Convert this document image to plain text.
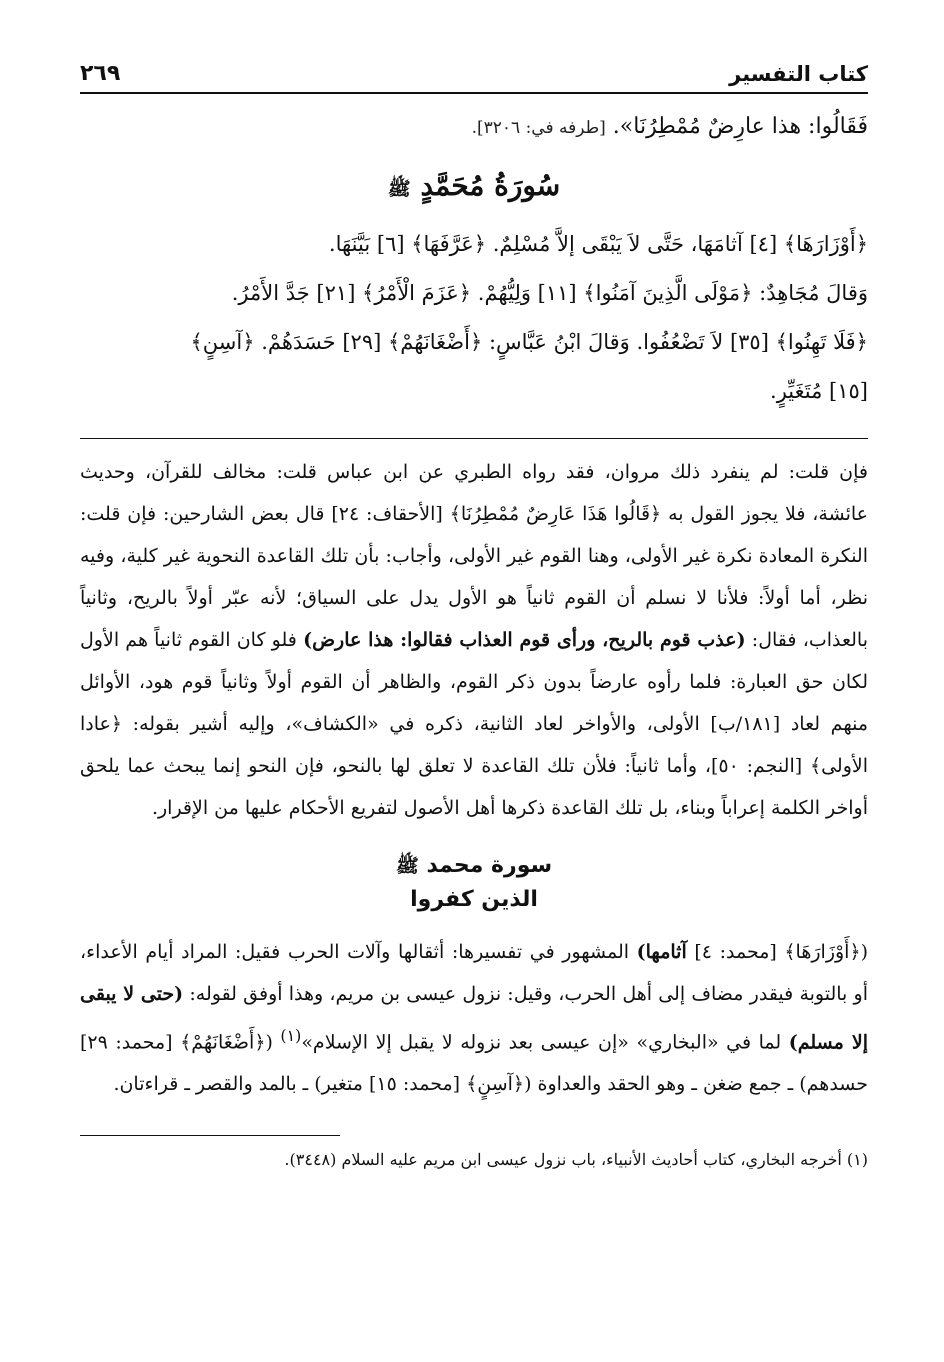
كتاب التفسير
٢٦٩
فَقَالُوا: هذا عارِضٌ مُمْطِرُنَا». [طرفه في: ٣٢٠٦].
سُورَةُ مُحَمَّدٍ ﷺ
﴿أَوْزَارَهَا﴾ [٤] آثامَهَا، حَتَّى لاَ يَبْقَى إلاَّ مُسْلِمٌ. ﴿عَرَّفَهَا﴾ [٦] بَيَّنَهَا.
وَقالَ مُجَاهِدٌ: ﴿مَوْلَى الَّذِينَ آمَنُوا﴾ [١١] وَلِيُّهُمْ. ﴿عَزَمَ الْأَمْرُ﴾ [٢١] جَدَّ الأَمْرُ.
﴿فَلَا تَهِنُوا﴾ [٣٥] لاَ تَضْعُفُوا. وَقالَ ابْنُ عَبَّاسٍ: ﴿أَضْغَانَهُمْ﴾ [٢٩] حَسَدَهُمْ. ﴿آسِنٍ﴾
[١٥] مُتَغَيِّرٍ.
فإن قلت: لم ينفرد ذلك مروان، فقد رواه الطبري عن ابن عباس قلت: مخالف للقرآن، وحديث عائشة، فلا يجوز القول به ﴿قَالُوا هَذَا عَارِضٌ مُمْطِرُنَا﴾ [الأحقاف: ٢٤] قال بعض الشارحين: فإن قلت: النكرة المعادة نكرة غير الأولى، وهنا القوم غير الأولى، وأجاب: بأن تلك القاعدة النحوية غير كلية، وفيه نظر، أما أولاً: فلأنا لا نسلم أن القوم ثانياً هو الأول يدل على السياق؛ لأنه عبّر أولاً بالريح، وثانياً بالعذاب، فقال: (عذب قوم بالريح، ورأى قوم العذاب فقالوا: هذا عارض) فلو كان القوم ثانياً هم الأول لكان حق العبارة: فلما رأوه عارضاً بدون ذكر القوم، والظاهر أن القوم أولاً وثانياً قوم هود، الأوائل منهم لعاد [١٨١/ب] الأولى، والأواخر لعاد الثانية، ذكره في «الكشاف»، وإليه أشير بقوله: ﴿عادا الأولى﴾ [النجم: ٥٠]، وأما ثانياً: فلأن تلك القاعدة لا تعلق لها بالنحو، فإن النحو إنما يبحث عما يلحق أواخر الكلمة إعراباً وبناء، بل تلك القاعدة ذكرها أهل الأصول لتفريع الأحكام عليها من الإقرار.
سورة محمد ﷺ
الذين كفروا
(﴿أَوْزَارَهَا﴾ [محمد: ٤] آثامها) المشهور في تفسيرها: أثقالها وآلات الحرب فقيل: المراد أيام الأعداء، أو بالتوبة فيقدر مضاف إلى أهل الحرب، وقيل: نزول عيسى بن مريم، وهذا أوفق لقوله: (حتى لا يبقى إلا مسلم) لما في «البخاري» «إن عيسى بعد نزوله لا يقبل إلا الإسلام»$^{(١)}$ (﴿أَضْغَانَهُمْ﴾ [محمد: ٢٩] حسدهم) ـ جمع ضغن ـ وهو الحقد والعداوة (﴿آسِنٍ﴾ [محمد: ١٥] متغير) ـ بالمد والقصر ـ قراءتان.
(١) أخرجه البخاري، كتاب أحاديث الأنبياء، باب نزول عيسى ابن مريم عليه السلام (٣٤٤٨).
